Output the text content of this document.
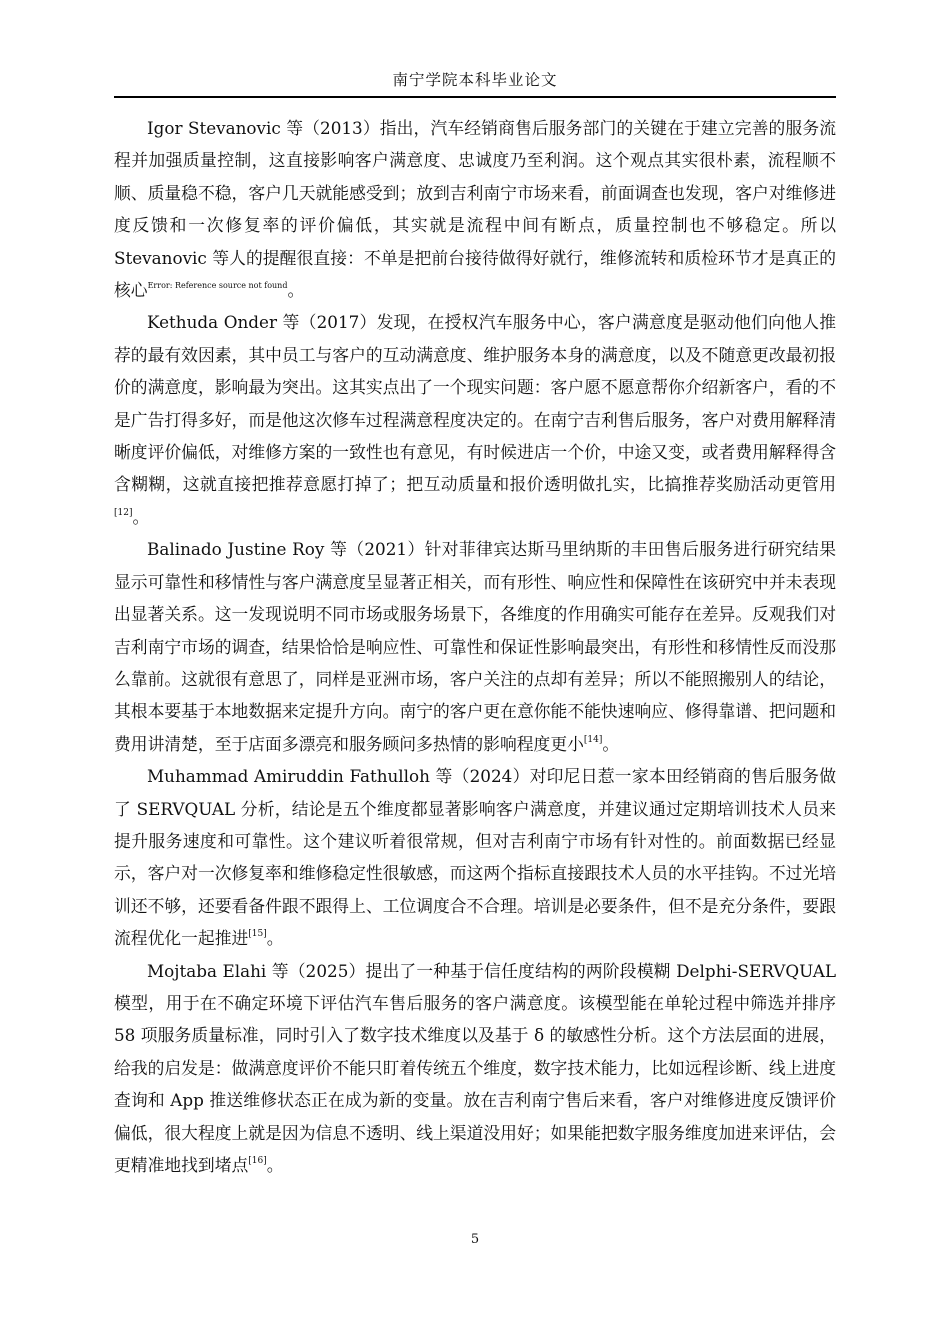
南宁学院本科毕业论文

Igor Stevanovic 等（2013）指出，汽车经销商售后服务部门的关键在于建立完善的服务流程并加强质量控制，这直接影响客户满意度、忠诚度乃至利润。这个观点其实很朴素，流程顺不顺、质量稳不稳，客户几天就能感受到；放到吉利南宁市场来看，前面调查也发现，客户对维修进度反馈和一次修复率的评价偏低，其实就是流程中间有断点，质量控制也不够稳定。所以 Stevanovic 等人的提醒很直接：不单是把前台接待做得好就行，维修流转和质检环节才是真正的核心$^{Error: Reference source not found}$。

Kethuda Onder 等（2017）发现，在授权汽车服务中心，客户满意度是驱动他们向他人推荐的最有效因素，其中员工与客户的互动满意度、维护服务本身的满意度，以及不随意更改最初报价的满意度，影响最为突出。这其实点出了一个现实问题：客户愿不愿意帮你介绍新客户，看的不是广告打得多好，而是他这次修车过程满意程度决定的。在南宁吉利售后服务，客户对费用解释清晰度评价偏低，对维修方案的一致性也有意见，有时候进店一个价，中途又变，或者费用解释得含含糊糊，这就直接把推荐意愿打掉了；把互动质量和报价透明做扎实，比搞推荐奖励活动更管用[12]。

Balinado Justine Roy 等（2021）针对菲律宾达斯马里纳斯的丰田售后服务进行研究结果显示可靠性和移情性与客户满意度呈显著正相关，而有形性、响应性和保障性在该研究中并未表现出显著关系。这一发现说明不同市场或服务场景下，各维度的作用确实可能存在差异。反观我们对吉利南宁市场的调查，结果恰恰是响应性、可靠性和保证性影响最突出，有形性和移情性反而没那么靠前。这就很有意思了，同样是亚洲市场，客户关注的点却有差异；所以不能照搬别人的结论，其根本要基于本地数据来定提升方向。南宁的客户更在意你能不能快速响应、修得靠谱、把问题和费用讲清楚，至于店面多漂亮和服务顾问多热情的影响程度更小[14]。

Muhammad Amiruddin Fathulloh 等（2024）对印尼日惹一家本田经销商的售后服务做了 SERVQUAL 分析，结论是五个维度都显著影响客户满意度，并建议通过定期培训技术人员来提升服务速度和可靠性。这个建议听着很常规，但对吉利南宁市场有针对性的。前面数据已经显示，客户对一次修复率和维修稳定性很敏感，而这两个指标直接跟技术人员的水平挂钩。不过光培训还不够，还要看备件跟不跟得上、工位调度合不合理。培训是必要条件，但不是充分条件，要跟流程优化一起推进[15]。

Mojtaba Elahi 等（2025）提出了一种基于信任度结构的两阶段模糊 Delphi-SERVQUAL 模型，用于在不确定环境下评估汽车售后服务的客户满意度。该模型能在单轮过程中筛选并排序 58 项服务质量标准，同时引入了数字技术维度以及基于 δ 的敏感性分析。这个方法层面的进展，给我的启发是：做满意度评价不能只盯着传统五个维度，数字技术能力，比如远程诊断、线上进度查询和 App 推送维修状态正在成为新的变量。放在吉利南宁售后来看，客户对维修进度反馈评价偏低，很大程度上就是因为信息不透明、线上渠道没用好；如果能把数字服务维度加进来评估，会更精准地找到堵点[16]。

5
